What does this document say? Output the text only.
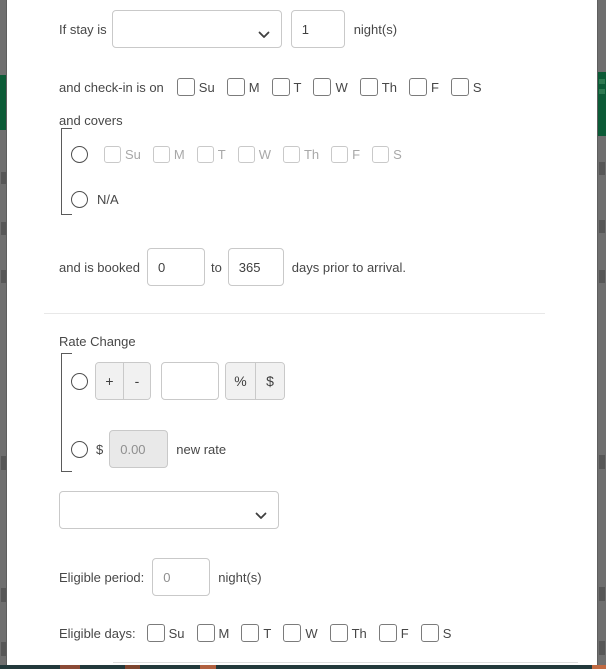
If stay is
1	night(s)
and check-in is on	Su	M	T	W	Th	F	S
and covers
Su	M	T	W	Th	F	S
N/A
and is booked
0	to
365	days prior to arrival.
Rate Change
+	-	%	$
$
0.00	new rate
Eligible period:
0	night(s)
Eligible days:	Su	M	T	W	Th	F	S
